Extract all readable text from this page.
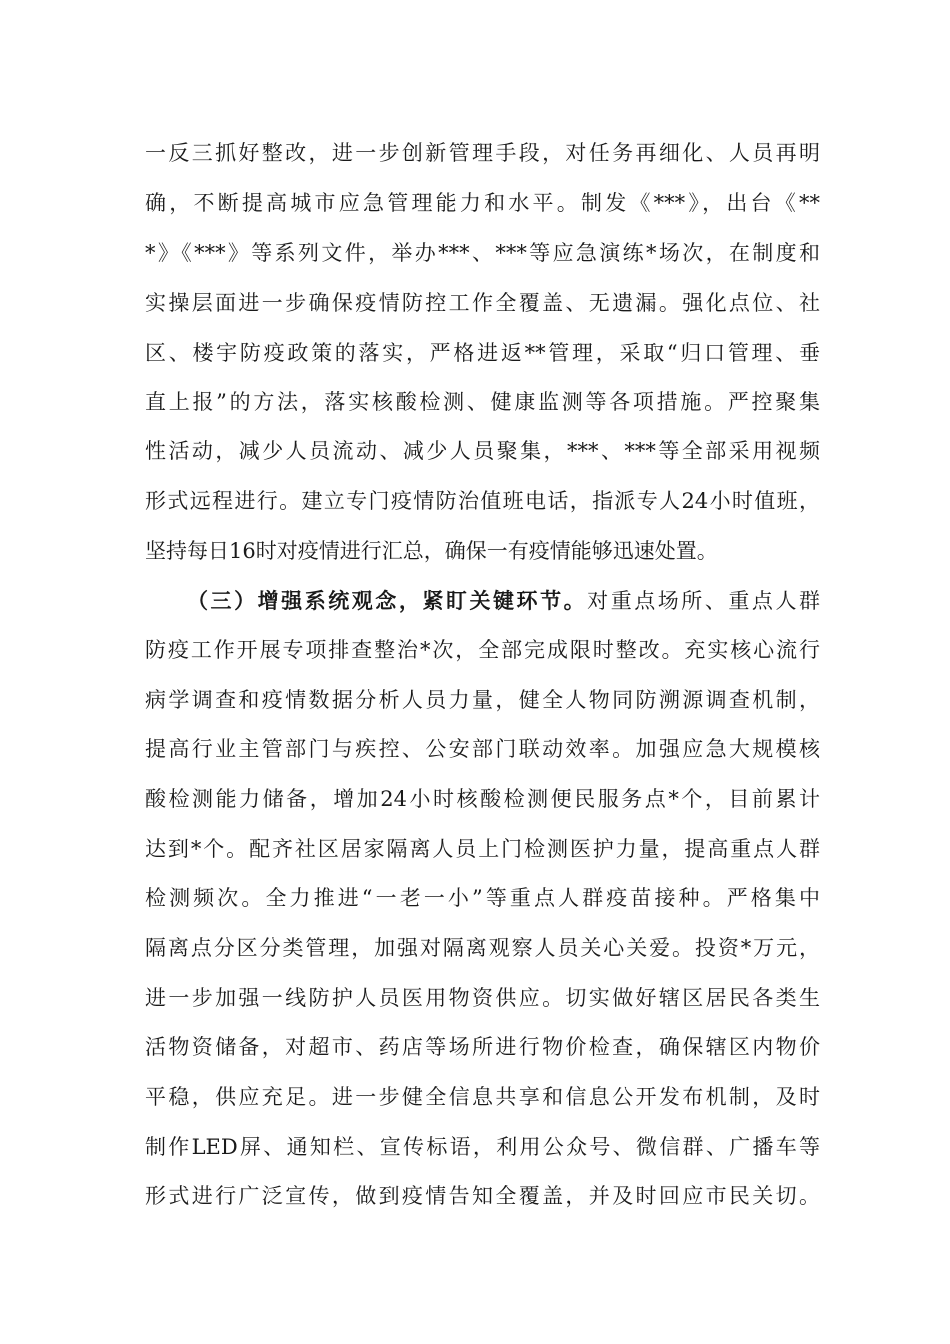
一反三抓好整改，进一步创新管理手段，对任务再细化、人员再明
确，不断提高城市应急管理能力和水平。制发《***》，出台《**
*》《***》等系列文件，举办***、***等应急演练*场次，在制度和
实操层面进一步确保疫情防控工作全覆盖、无遗漏。强化点位、社
区、楼宇防疫政策的落实，严格进返**管理，采取“归口管理、垂
直上报”的方法，落实核酸检测、健康监测等各项措施。严控聚集
性活动，减少人员流动、减少人员聚集，***、***等全部采用视频
形式远程进行。建立专门疫情防治值班电话，指派专人24小时值班，
坚持每日16时对疫情进行汇总，确保一有疫情能够迅速处置。
（三）增强系统观念，紧盯关键环节。对重点场所、重点人群
防疫工作开展专项排查整治*次，全部完成限时整改。充实核心流行
病学调查和疫情数据分析人员力量，健全人物同防溯源调查机制，
提高行业主管部门与疾控、公安部门联动效率。加强应急大规模核
酸检测能力储备，增加24小时核酸检测便民服务点*个，目前累计
达到*个。配齐社区居家隔离人员上门检测医护力量，提高重点人群
检测频次。全力推进“一老一小”等重点人群疫苗接种。严格集中
隔离点分区分类管理，加强对隔离观察人员关心关爱。投资*万元，
进一步加强一线防护人员医用物资供应。切实做好辖区居民各类生
活物资储备，对超市、药店等场所进行物价检查，确保辖区内物价
平稳，供应充足。进一步健全信息共享和信息公开发布机制，及时
制作LED屏、通知栏、宣传标语，利用公众号、微信群、广播车等
形式进行广泛宣传，做到疫情告知全覆盖，并及时回应市民关切。
